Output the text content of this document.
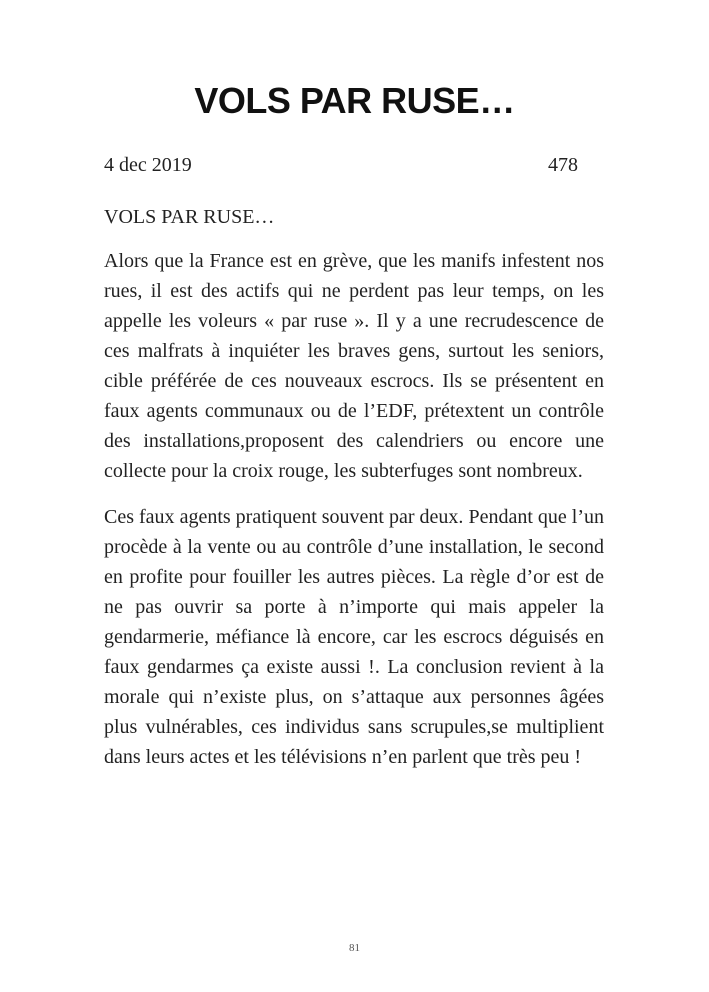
VOLS PAR RUSE…
4 dec 2019	478

VOLS PAR RUSE…

Alors que la France est en grève, que les manifs infestent nos rues, il est des actifs qui ne perdent pas leur temps, on les appelle les voleurs « par ruse ». Il y a une recrudescence de ces malfrats à inquiéter les braves gens, surtout les seniors, cible préférée de ces nouveaux escrocs. Ils se présentent en faux agents communaux ou de l’EDF, prétextent un contrôle des installations,proposent des calendriers ou encore une collecte pour la croix rouge, les subterfuges sont nombreux.

Ces faux agents pratiquent souvent par deux. Pendant que l’un procède à la vente ou au contrôle d’une installation, le second en profite pour fouiller les autres pièces. La règle d’or est de ne pas ouvrir sa porte à n’importe qui mais appeler la gendarmerie, méfiance là encore, car les escrocs déguisés en faux gendarmes ça existe aussi !. La conclusion revient à la morale qui n’existe plus, on s’attaque aux personnes âgées plus vulnérables, ces individus sans scrupules,se multiplient dans leurs actes et les télévisions n’en parlent que très peu !

81
